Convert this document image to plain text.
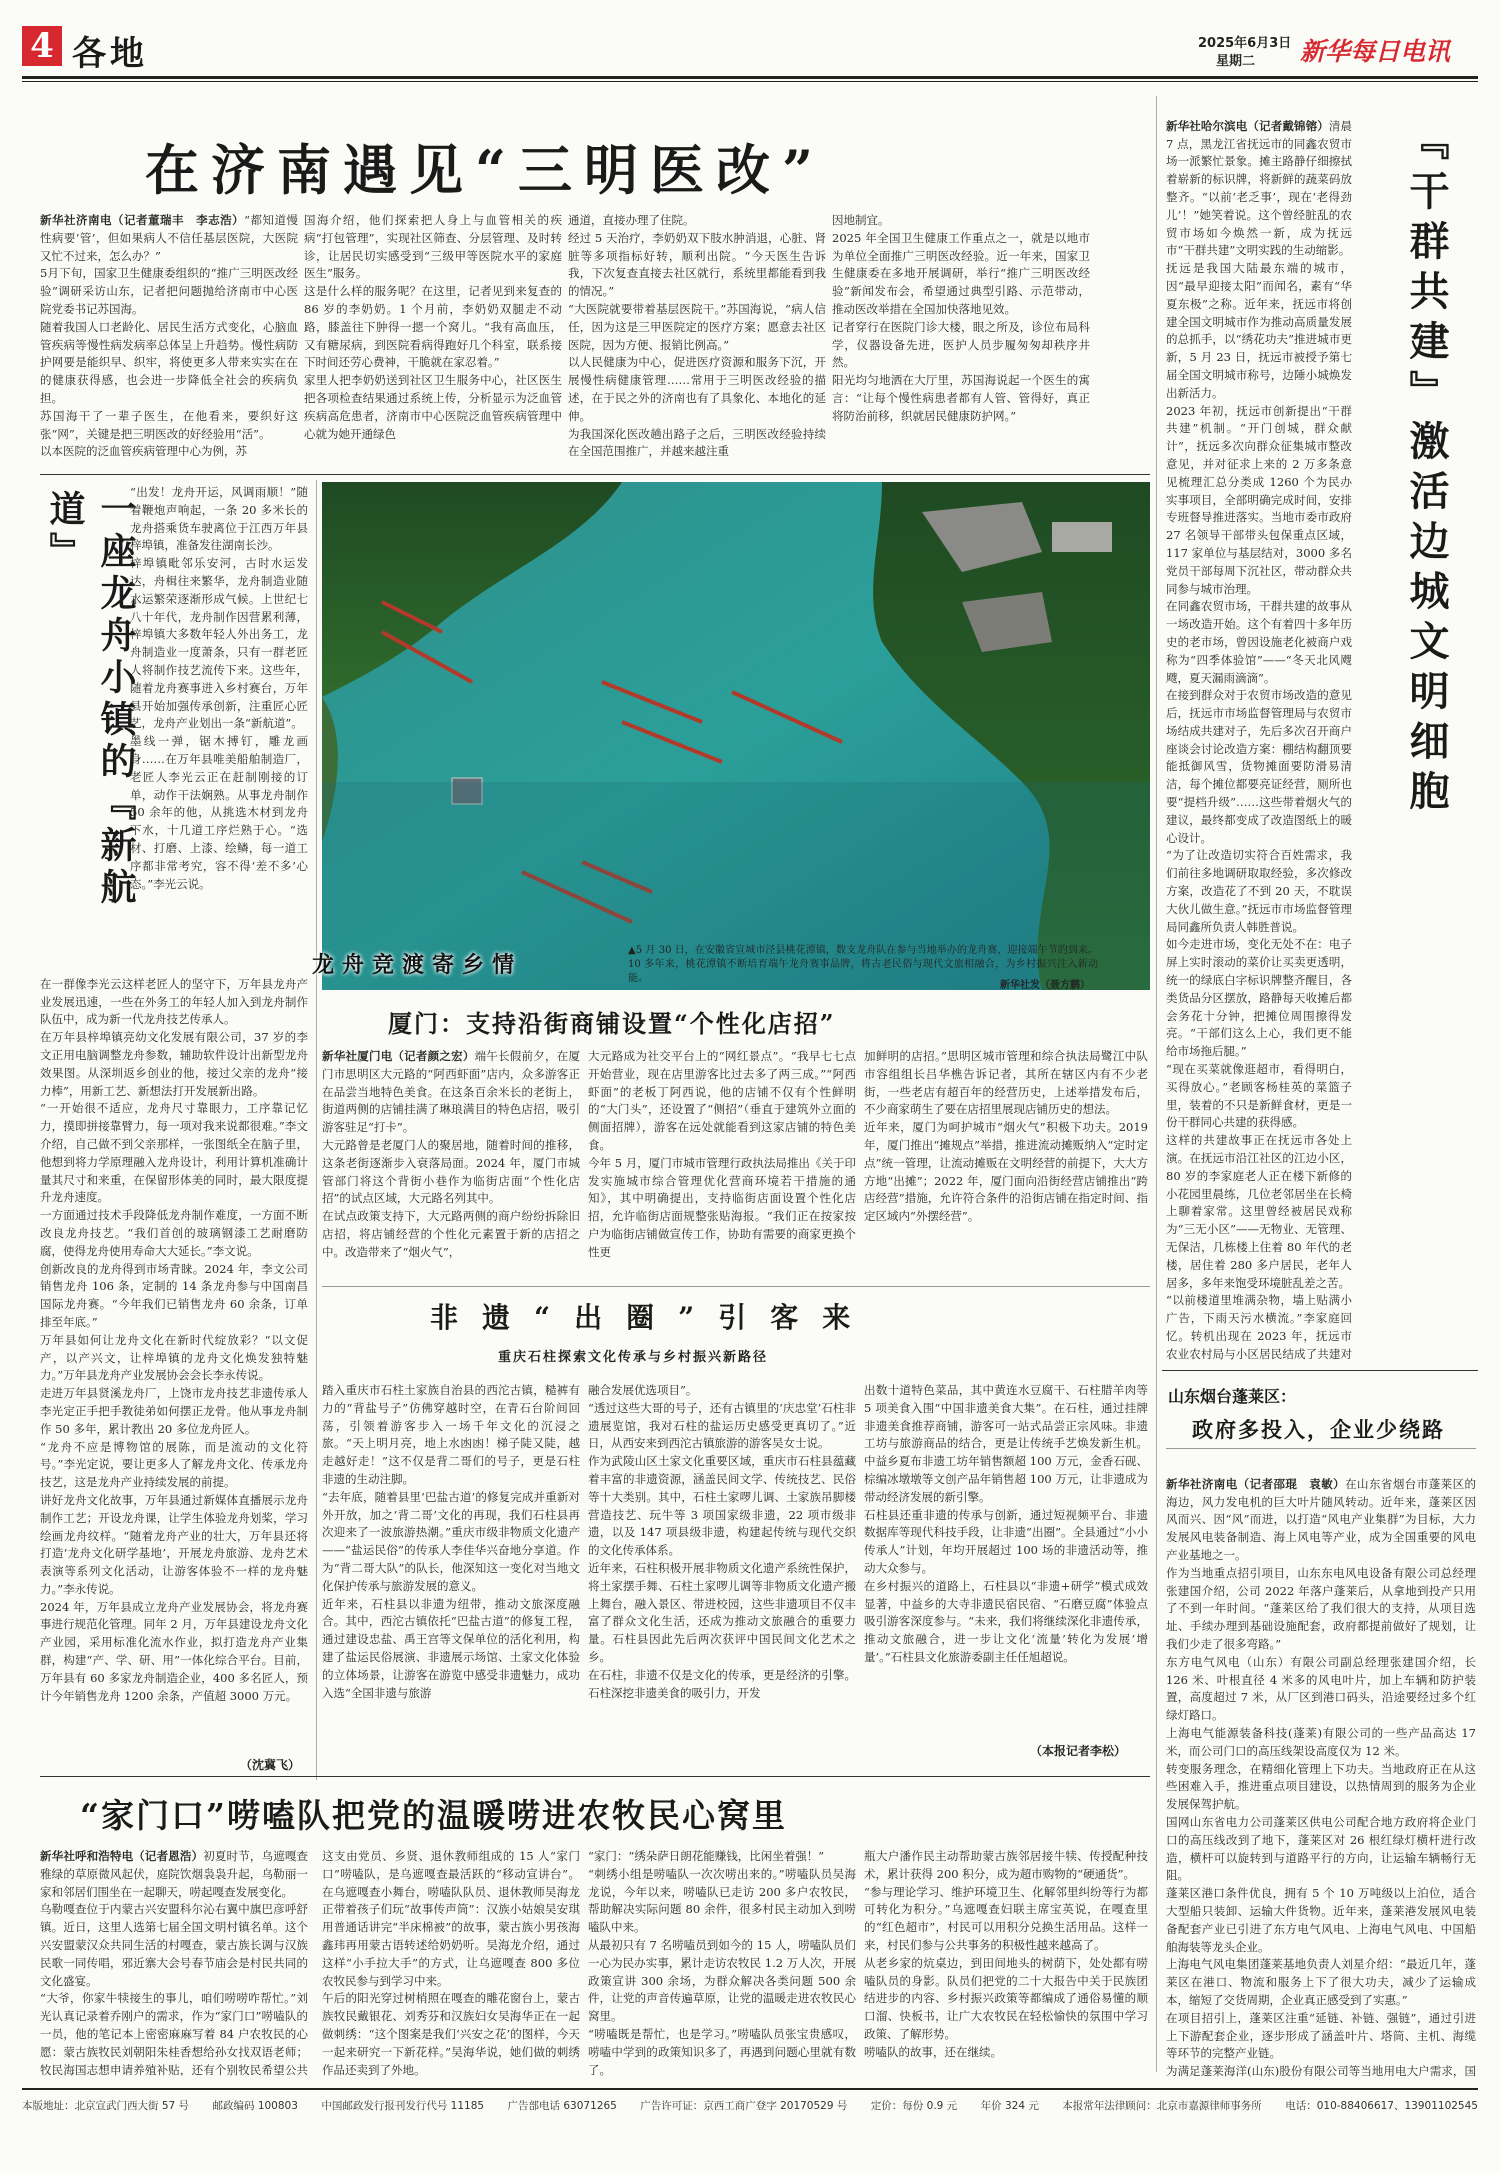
4 各地	2025年6月3日
星期二 新华每日电讯
在济南遇见“三明医改”
新华社济南电（记者董瑞丰　李志浩）“都知道慢性病要‘管’，但如果病人不信任基层医院，大医院又忙不过来，怎么办？”
5月下旬，国家卫生健康委组织的“推广三明医改经验”调研采访山东，记者把问题抛给济南市中心医院党委书记苏国海。
随着我国人口老龄化、居民生活方式变化，心脑血管疾病等慢性病发病率总体呈上升趋势。慢性病防护网要是能织早、织牢，将使更多人带来实实在在的健康获得感，也会进一步降低全社会的疾病负担。
苏国海干了一辈子医生，在他看来，要织好这张“网”，关键是把三明医改的好经验用“活”。
以本医院的泛血管疾病管理中心为例，苏
国海介绍，他们探索把人身上与血管相关的疾病“打包管理”，实现社区筛查、分层管理、及时转诊，让居民切实感受到“三级甲等医院水平的家庭医生”服务。
这是什么样的服务呢？在这里，记者见到来复查的 86 岁的李奶奶。1 个月前，李奶奶双腿走不动路，膝盖往下肿得一摁一个窝儿。“我有高血压，又有糖尿病，到医院看病得跑好几个科室，联系接下时间还劳心费神，干脆就在家忍着。”
家里人把李奶奶送到社区卫生服务中心，社区医生把各项检查结果通过系统上传，分析显示为泛血管疾病高危患者，济南市中心医院泛血管疾病管理中心就为她开通绿色
通道，直接办理了住院。
经过 5 天治疗，李奶奶双下肢水肿消退，心脏、肾脏等多项指标好转，顺利出院。“今天医生告诉我，下次复查直接去社区就行，系统里都能看到我的情况。”
“大医院就要带着基层医院干。”苏国海说，“病人信任，因为这是三甲医院定的医疗方案；愿意去社区医院，因为方便、报销比例高。”
以人民健康为中心，促进医疗资源和服务下沉，开展慢性病健康管理……常用于三明医改经验的描述，在于民之外的济南也有了具象化、本地化的延伸。
为我国深化医改趟出路子之后，三明医改经验持续在全国范围推广，并越来越注重
因地制宜。
2025 年全国卫生健康工作重点之一，就是以地市为单位全面推广三明医改经验。近一年来，国家卫生健康委在多地开展调研，举行“推广三明医改经验”新闻发布会，希望通过典型引路、示范带动，推动医改举措在全国加快落地见效。
记者穿行在医院门诊大楼，眼之所及，诊位布局科学，仪器设备先进，医护人员步履匆匆却秩序井然。
阳光均匀地洒在大厅里，苏国海说起一个医生的寓言：“让每个慢性病患者都有人管、管得好，真正将防治前移，织就居民健康防护网。”
一座龙舟小镇的『新航道』	“出发！龙舟开运，风调雨顺！”随着鞭炮声响起，一条 20 多米长的龙舟搭乘货车驶离位于江西万年县梓埠镇，准备发往湖南长沙。
梓埠镇毗邻乐安河，古时水运发达，舟楫往来繁华，龙舟制造业随水运繁荣逐渐形成气候。上世纪七八十年代，龙舟制作因营累利薄，梓埠镇大多数年轻人外出务工，龙舟制造业一度萧条，只有一群老匠人将制作技艺流传下来。这些年，随着龙舟赛事进入乡村赛台，万年县开始加强传承创新，注重匠心匠艺，龙舟产业划出一条“新航道”。
墨线一弹，锯木搏钉，雕龙画身……在万年县唯美船舶制造厂，老匠人李光云正在赶制刚接的订单，动作干法娴熟。从事龙舟制作 50 余年的他，从挑选木材到龙舟下水，十几道工序烂熟于心。“选材、打磨、上漆、绘鳞，每一道工序都非常考究，容不得‘差不多’心态。”李光云说。

在一群像李光云这样老匠人的坚守下，万年县龙舟产业发展迅速，一些在外务工的年轻人加入到龙舟制作队伍中，成为新一代龙舟技艺传承人。
在万年县梓埠镇亮幼文化发展有限公司，37 岁的李文正用电脑调整龙舟参数，辅助软件设计出新型龙舟效果图。从深圳返乡创业的他，接过父亲的龙舟“接力棒”，用新工艺、新想法打开发展新出路。
“一开始很不适应，龙舟尺寸靠眼力，工序靠记忆力，摸即拼接靠臂力，每一项对我来说都很难。”李文介绍，自己做不到父亲那样，一张图纸全在脑子里，他想到将力学原理融入龙舟设计，利用计算机准确计量其尺寸和来重，在保留形体美的同时，最大限度提升龙舟速度。
一方面通过技术手段降低龙舟制作难度，一方面不断改良龙舟技艺。“我们首创的玻璃钢漆工艺耐磨防腐，使得龙舟使用寿命大大延长。”李文说。
创新改良的龙舟得到市场青睐。2024 年，李文公司销售龙舟 106 条，定制的 14 条龙舟参与中国南昌国际龙舟赛。“今年我们已销售龙舟 60 余条，订单排至年底。”
万年县如何让龙舟文化在新时代绽放彩？“以文促产，以产兴文，让梓埠镇的龙舟文化焕发独特魅力。”万年县龙舟产业发展协会会长李永传说。
走进万年县贤溪龙舟厂，上饶市龙舟技艺非遗传承人李光定正手把手教徒弟如何摆正龙骨。他从事龙舟制作 50 多年，累计教出 20 多位龙舟匠人。
“龙舟不应是博物馆的展陈，而是流动的文化符号。”李光定说，要让更多人了解龙舟文化、传承龙舟技艺，这是龙舟产业持续发展的前提。
讲好龙舟文化故事，万年县通过新媒体直播展示龙舟制作工艺；开设龙舟课，让学生体验龙舟划桨，学习绘画龙舟纹样。“随着龙舟产业的壮大，万年县还将打造‘龙舟文化研学基地’，开展龙舟旅游、龙舟艺术表演等系列文化活动，让游客体验不一样的龙舟魅力。”李永传说。
2024 年，万年县成立龙舟产业发展协会，将龙舟赛事进行规范化管理。同年 2 月，万年县建设龙舟文化产业园，采用标准化流水作业，拟打造龙舟产业集群，构建“产、学、研、用”一体化综合平台。目前，万年县有 60 多家龙舟制造企业，400 多名匠人，预计今年销售龙舟 1200 余条，产值超 3000 万元。

（沈冀飞）
龙舟竞渡寄乡情
▲5 月 30 日，在安徽省宣城市泾县桃花潭镇，数支龙舟队在参与当地举办的龙舟赛，迎接端午节的到来。10 多年来，桃花潭镇不断培育端午龙舟赛事品牌，将古老民俗与现代文旅相融合，为乡村振兴注入新动能。
新华社发（聂方鹏）
厦门：支持沿街商铺设置“个性化店招”
新华社厦门电（记者颜之宏）端午长假前夕，在厦门市思明区大元路的“阿西虾面”店内，众多游客正在品尝当地特色美食。在这条百余米长的老街上，街道两侧的店铺挂满了琳琅满目的特色店招，吸引游客驻足“打卡”。
大元路曾是老厦门人的聚居地，随着时间的推移，这条老街逐渐步入衰落局面。2024 年，厦门市城管部门将这个背街小巷作为临街店面“个性化店招”的试点区域，大元路名列其中。
在试点政策支持下，大元路两侧的商户纷纷拆除旧店招，将店铺经营的个性化元素置于新的店招之中。改造带来了“烟火气”，
大元路成为社交平台上的“网红景点”。“我早七七点开始营业，现在店里游客比过去多了两三成。”“阿西虾面”的老板丁阿西说，他的店铺不仅有个性鲜明的“大门头”，还设置了“侧招”（垂直于建筑外立面的侧面招牌），游客在远处就能看到这家店铺的特色美食。
今年 5 月，厦门市城市管理行政执法局推出《关于印发实施城市综合管理优化营商环境若干措施的通知》，其中明确提出，支持临街店面设置个性化店招，允许临街店面规整张贴海报。“我们正在按家按户为临街店铺做宣传工作，协助有需要的商家更换个性更
加鲜明的店招。”思明区城市管理和综合执法局鹭江中队市容组组长吕华樵告诉记者，其所在辖区内有不少老街，一些老店有超百年的经营历史，上述举措发布后，不少商家萌生了要在店招里展现店铺历史的想法。
近年来，厦门为呵护城市“烟火气”积极下功夫。2019 年，厦门推出“摊规点”举措，推进流动摊贩纳入“定时定点”统一管理，让流动摊贩在文明经营的前提下，大大方方地“出摊”；2022 年，厦门面向沿街经营店铺推出“跨店经营”措施，允许符合条件的沿街店铺在指定时间、指定区域内“外摆经营”。
非遗“出圈”引客来
重庆石柱探索文化传承与乡村振兴新路径
踏入重庆市石柱土家族自治县的西沱古镇，糙裤有力的“背盐号子”仿佛穿越时空，在青石台阶间回荡，引领着游客步入一场千年文化的沉浸之旅。“天上明月亮，地上水凼凼！梯子陡又陡，越走越好走！”这不仅是背二哥们的号子，更是石柱非遗的生动注脚。
“去年底，随着县里‘巴盐古道’的修复完成并重新对外开放，加之‘背二哥’文化的再现，我们石柱县再次迎来了一波旅游热潮。”重庆市级非物质文化遗产——“盐运民俗”的传承人李佳华兴奋地分享道。作为“背二哥大队”的队长，他深知这一变化对当地文化保护传承与旅游发展的意义。
近年来，石柱县以非遗为纽带，推动文旅深度融合。其中，西沱古镇依托“巴盐古道”的修复工程，通过建设忠盐、禹王宫等文保单位的活化利用，构建了盐运民俗展演、非遗展示场馆、土家文化体验的立体场景，让游客在游览中感受非遗魅力，成功入选“全国非遗与旅游
融合发展优选项目”。
“透过这些大哥的号子，还有古镇里的‘庆忠堂’石柱非遗展览馆，我对石柱的盐运历史感受更真切了。”近日，从西安来到西沱古镇旅游的游客吴女士说。
作为武陵山区土家文化重要区域，重庆市石柱县蕴藏着丰富的非遗资源，涵盖民间文学、传统技艺、民俗等十大类别。其中，石柱土家啰儿调、土家族吊脚楼营造技艺、玩牛等 3 项国家级非遗，22 项市级非遗，以及 147 项县级非遗，构建起传统与现代交织的文化传承体系。
近年来，石柱积极开展非物质文化遗产系统性保护，将土家摆手舞、石柱土家啰儿调等非物质文化遗产搬上舞台，融入景区、带进校园，这些非遗项目不仅丰富了群众文化生活，还成为推动文旅融合的重要力量。石柱县因此先后两次获评中国民间文化艺术之乡。
在石柱，非遗不仅是文化的传承，更是经济的引擎。石柱深挖非遗美食的吸引力，开发
出数十道特色菜品，其中黄连水豆腐干、石柱腊羊肉等 5 项美食入围“中国非遗美食大集”。在石柱，通过挂牌非遗美食推荐商铺，游客可一站式品尝正宗风味。非遗工坊与旅游商品的结合，更是让传统手艺焕发新生机。中益乡夏布非遗工坊年销售额超 100 万元，金香石砚、棕编冰墩墩等文创产品年销售超 100 万元，让非遗成为带动经济发展的新引擎。
石柱县还重非遗的传承与创新，通过短视频平台、非遗数据库等现代科技手段，让非遗“出圈”。全县通过“小小传承人”计划，年均开展超过 100 场的非遗活动等，推动大众参与。
在乡村振兴的道路上，石柱县以“非遗+研学”模式成效显著，中益乡的大寺非遗民宿民宿、“石磨豆腐”体验点吸引游客深度参与。“未来，我们将继续深化非遗传承，推动文旅融合，进一步让文化‘流量’转化为发展‘增量’。”石柱县文化旅游委副主任任旭超说。
（本报记者李松）

新华社哈尔滨电（记者戴锦镕）清晨 7 点，黑龙江省抚远市的同鑫农贸市场一派繁忙景象。摊主路静仔细擦拭着崭新的标识牌，将新鲜的蔬菜码放整齐。“以前‘老乏事’，现在‘老得劲儿’！”她笑着说。这个曾经脏乱的农贸市场如今焕然一新，成为抚远市“干群共建”文明实践的生动缩影。
抚远是我国大陆最东端的城市，因“最早迎接太阳”而闻名，素有“华夏东极”之称。近年来，抚远市将创建全国文明城市作为推动高质量发展的总抓手，以“绣花功夫”推进城市更新，5 月 23 日，抚远市被授予第七届全国文明城市称号，边陲小城焕发出新活力。
2023 年初，抚远市创新提出“干群共建”机制。“开门创城，群众献计”，抚远多次向群众征集城市整改意见，并对征求上来的 2 万多条意见梳理汇总分类成 1260 个为民办实事项目，全部明确完成时间，安排专班督导推进落实。当地市委市政府 27 名领导干部带头包保重点区域，117 家单位与基层结对，3000 多名党员干部每周下沉社区，带动群众共同参与城市治理。
在同鑫农贸市场，干群共建的故事从一场改造开始。这个有着四十多年历史的老市场，曾因设施老化被商户戏称为“四季体验馆”——“冬天北风飕飕，夏天漏雨滴滴”。
在接到群众对于农贸市场改造的意见后，抚远市市场监督管理局与农贸市场结成共建对子，先后多次召开商户座谈会讨论改造方案：棚结构翻顶要能抵御风雪，货物摊面要防滑易清洁，每个摊位都要亮证经营，厕所也要“提档升级”……这些带着烟火气的建议，最终都变成了改造图纸上的暖心设计。
“为了让改造切实符合百姓需求，我们前往多地调研取取经验，多次修改方案，改造花了不到 20 天，不耽误大伙儿做生意。”抚远市市场监督管理局同鑫所负责人韩胜普说。
如今走进市场，变化无处不在：电子屏上实时滚动的菜价让买卖更透明，统一的绿底白字标识牌整齐醒目，各类货品分区摆放，路静每天收摊后都会务花十分钟，把摊位周围擦得发亮。“干部们这么上心，我们更不能给市场拖后腿。”
“现在买菜就像逛超市，看得明白，买得放心。”老顾客杨桂英的菜篮子里，装着的不只是新鲜食材，更是一份干群同心共建的获得感。
这样的共建故事正在抚远市各处上演。在抚远市沿江社区的江边小区，80 岁的李家庭老人正在楼下新修的小花园里晨练，几位老邻居坐在长椅上聊着家常。这里曾经被居民戏称为“三无小区”——无物业、无管理、无保洁，几栋楼上住着 80 年代的老楼，居住着 280 多户居民，老年人居多，多年来饱受环境脏乱差之苦。
“以前楼道里堆满杂物，墙上贴满小广告，下雨天污水横流。”李家庭回忆。转机出现在 2023 年，抚远市农业农村局与小区居民结成了共建对

『干群共建』激活边城文明细胞
山东烟台蓬莱区：
政府多投入，企业少绕路

新华社济南电（记者邵琨　袁敏）在山东省烟台市蓬莱区的海边，风力发电机的巨大叶片随风转动。近年来，蓬莱区因风而兴、因“风”而进，以打造“风电产业集群”为目标，大力发展风电装备制造、海上风电等产业，成为全国重要的风电产业基地之一。
作为当地重点招引项目，山东东电风电设备有限公司总经理张建国介绍，公司 2022 年落户蓬莱后，从拿地到投产只用了不到一年时间。“蓬莱区给了我们很大的支持，从项目选址、手续办理到基础设施配套，政府都提前做好了规划，让我们少走了很多弯路。”
东方电气风电（山东）有限公司副总经理张建国介绍，长 126 米、叶根直径 4 米多的风电叶片，加上车辆和防护装置，高度超过 7 米，从厂区到港口码头，沿途要经过多个红绿灯路口。
上海电气能源装备科技(蓬莱)有限公司的一些产品高达 17 米，而公司门口的高压线架设高度仅为 12 米。
转变服务理念，在精细化管理上下功夫。当地政府正在从这些困难入手，推进重点项目建设，以热情周到的服务为企业发展保驾护航。
国网山东省电力公司蓬莱区供电公司配合地方政府将企业门口的高压线改到了地下，蓬莱区对 26 根红绿灯横杆进行改造，横杆可以旋转到与道路平行的方向，让运输车辆畅行无阻。
蓬莱区港口条件优良，拥有 5 个 10 万吨级以上泊位，适合大型船只装卸、运输大件货物。近年来，蓬莱港发展风电装备配套产业已引进了东方电气风电、上海电气风电、中国船舶海装等龙头企业。
上海电气风电集团蓬莱基地负责人刘星介绍：“最近几年，蓬莱区在港口、物流和服务上下了很大功夫，减少了运输成本，缩短了交货周期，企业真正感受到了实惠。”
在项目招引上，蓬莱区注重“延链、补链、强链”，通过引进上下游配套企业，逐步形成了涵盖叶片、塔筒、主机、海缆等环节的完整产业链。
为满足蓬莱海洋(山东)股份有限公司等当地用电大户需求，国

“家门口”唠嗑队把党的温暖唠进农牧民心窝里
新华社呼和浩特电（记者恩浩）初夏时节，乌遮嘎查雅绿的草原微风起伏，庭院饮烟袅袅升起，乌勒丽一家和邻居们围坐在一起聊天，唠起嘎查发展变化。
乌勒嘎查位于内蒙古兴安盟科尔沁右翼中旗巴彦呼舒镇。近日，这里人选第七届全国文明村镇名单。这个兴安盟蒙汉众共同生活的村嘎查，蒙古族长调与汉族民歌一同传唱，邪近寨大会号春节庙会是村民共同的文化盛宴。
“大爷，你家牛犊接生的事儿，咱们唠唠咋帮忙。”刘光认真记录着乔刚户的需求，作为“家门口”唠嗑队的一员，他的笔记本上密密麻麻写着 84 户农牧民的心愿：蒙古族牧民刘朝阳朱桂香想给孙女找双语老师；牧民海国志想申请养殖补贴，还有个别牧民希望公共
这支由党员、乡贤、退休教师组成的 15 人“家门口”唠嗑队，是乌遮嘎查最活跃的“移动宣讲台”。在乌遮嘎查小舞台，唠嗑队队员、退休教师吴海龙正带着孩子们玩“故事传声筒”：汉族小姑娘吴安琪用普通话讲完“半床棉被”的故事，蒙古族小男孩海鑫玮再用蒙古语转述给奶奶听。吴海龙介绍，通过这样“小手拉大手”的方式，让乌遮嘎查 800 多位农牧民参与到学习中来。
午后的阳光穿过树梢照在嘎查的雕花窗台上，蒙古族牧民戴银花、刘秀芬和汉族妇女吴海华正在一起做刺绣：“这个图案是我们‘兴安之花’的图样，今天一起来研究一下新花样。”吴海华说，她们做的刺绣作品还卖到了外地。
“家门：“绣朵萨日朗花能赚钱，比闲坐着强！”
“刺绣小组是唠嗑队一次次唠出来的。”唠嗑队员吴海龙说，今年以来，唠嗑队已走访 200 多户农牧民，帮助解决实际问题 80 余件，很多村民主动加入到唠嗑队中来。
从最初只有 7 名唠嗑员到如今的 15 人，唠嗑队员们一心为民办实事，累计走访农牧民 1.2 万人次，开展政策宣讲 300 余场，为群众解决各类问题 500 余件，让党的声音传遍草原，让党的温暖走进农牧民心窝里。
“唠嗑既是帮忙，也是学习。”唠嗑队员张宝贵感叹，唠嗑中学到的政策知识多了，再遇到问题心里就有数了。
瓶大户潘作民主动帮助蒙古族邻居接牛犊、传授配种技术，累计获得 200 积分，成为超市购物的“硬通货”。
“参与理论学习、维护环境卫生、化解邻里纠纷等行为都可转化为积分。”乌遮嘎查妇联主席宝英说，在嘎查里的“红色超市”，村民可以用积分兑换生活用品。这样一来，村民们参与公共事务的积极性越来越高了。
从老乡家的炕桌边，到田间地头的树荫下，处处都有唠嗑队员的身影。队员们把党的二十大报告中关于民族团结进步的内容、乡村振兴政策等都编成了通俗易懂的顺口溜、快板书，让广大农牧民在轻松愉快的氛围中学习政策、了解形势。
唠嗑队的故事，还在继续。
本版地址：北京宣武门西大街 57 号 邮政编码 100803 中国邮政发行报刊发行代号 11185 广告部电话 63071265 广告许可证：京西工商广登字 20170529 号 定价：每份 0.9 元 年价 324 元 本报常年法律顾问：北京市嘉源律师事务所 电话：010-88406617、13901102545
